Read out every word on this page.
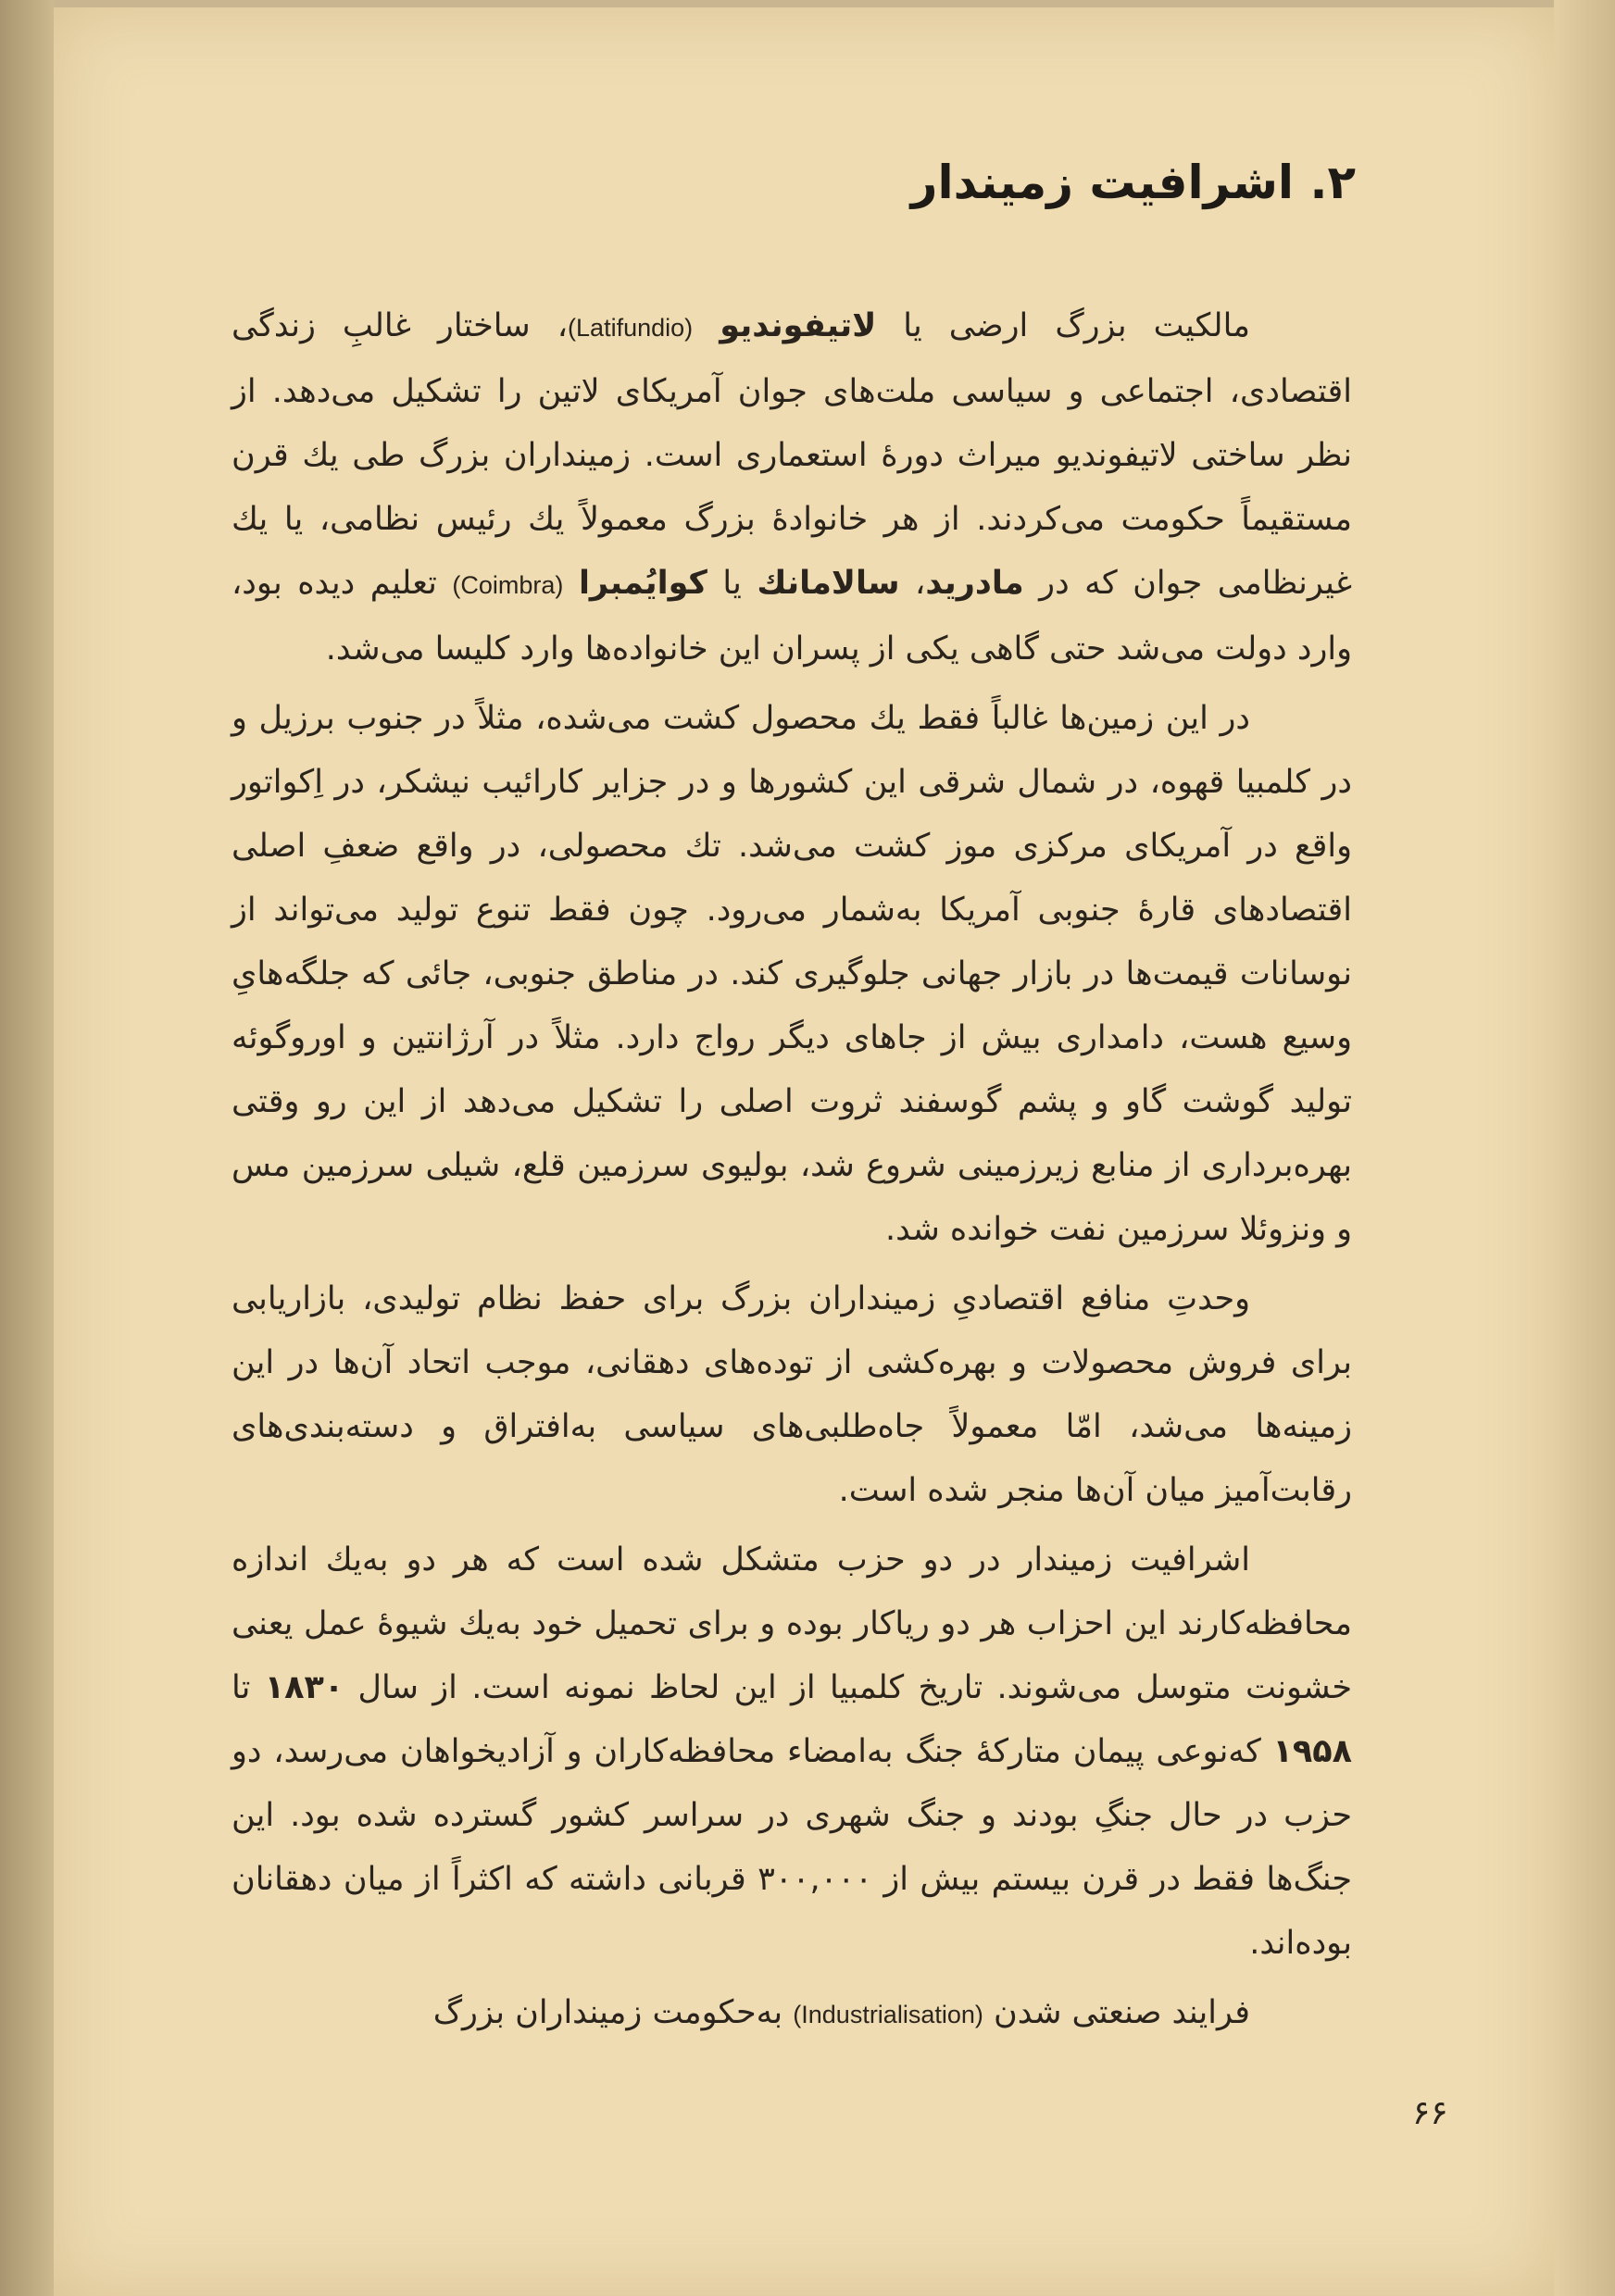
۲. اشرافیت زمیندار

مالکیت بزرگ ارضی یا لاتیفوندیو (Latifundio)، ساختار غالبِ زندگی اقتصادی، اجتماعی و سیاسی ملت‌های جوان آمریکای لاتین را تشکیل می‌دهد. از نظر ساختی لاتیفوندیو میراث دورهٔ استعماری است. زمینداران بزرگ طی یك قرن مستقیماً حکومت می‌کردند. از هر خانوادهٔ بزرگ معمولاً یك رئیس نظامی، یا یك غیرنظامی جوان که در مادرید، سالامانك یا کوایُمبرا (Coimbra) تعلیم دیده بود، وارد دولت می‌شد حتی گاهی یکی از پسران این خانواده‌ها وارد کلیسا می‌شد.

در این زمین‌ها غالباً فقط یك محصول کشت می‌شده، مثلاً در جنوب برزیل و در کلمبیا قهوه، در شمال شرقی این کشورها و در جزایر کارائیب نیشکر، در اِکواتور واقع در آمریکای مرکزی موز کشت می‌شد. تك محصولی، در واقع ضعفِ اصلی اقتصادهای قارهٔ جنوبی آمریکا به‌شمار می‌رود. چون فقط تنوع تولید می‌تواند از نوسانات قیمت‌ها در بازار جهانی جلوگیری کند. در مناطق جنوبی، جائی که جلگه‌هایِ وسیع هست، دامداری بیش از جاهای دیگر رواج دارد. مثلاً در آرژانتین و اوروگوئه تولید گوشت گاو و پشم گوسفند ثروت اصلی را تشکیل می‌دهد از این رو وقتی بهره‌برداری از منابع زیرزمینی شروع شد، بولیوی سرزمین قلع، شیلی سرزمین مس و ونزوئلا سرزمین نفت خوانده شد.

وحدتِ منافع اقتصادیِ زمینداران بزرگ برای حفظ نظام تولیدی، بازاریابی برای فروش محصولات و بهره‌کشی از توده‌های دهقانی، موجب اتحاد آن‌ها در این زمینه‌ها می‌شد، امّا معمولاً جاه‌طلبی‌های سیاسی به‌افتراق و دسته‌بندی‌های رقابت‌آمیز میان آن‌ها منجر شده است.

اشرافیت زمیندار در دو حزب متشکل شده است که هر دو به‌یك اندازه محافظه‌کارند این احزاب هر دو ریاکار بوده و برای تحمیل خود به‌یك شیوهٔ عمل یعنی خشونت متوسل می‌شوند. تاریخ کلمبیا از این لحاظ نمونه است. از سال ۱۸۳۰ تا ۱۹۵۸ که‌نوعی پیمان متارکهٔ جنگ به‌امضاء محافظه‌کاران و آزادیخواهان می‌رسد، دو حزب در حال جنگِ بودند و جنگ شهری در سراسر کشور گسترده شده بود. این جنگ‌ها فقط در قرن بیستم بیش از ۳۰۰,۰۰۰ قربانی داشته که اکثراً از میان دهقانان بوده‌اند.

فرایند صنعتی شدن (Industrialisation) به‌حکومت زمینداران بزرگ

۶۶
